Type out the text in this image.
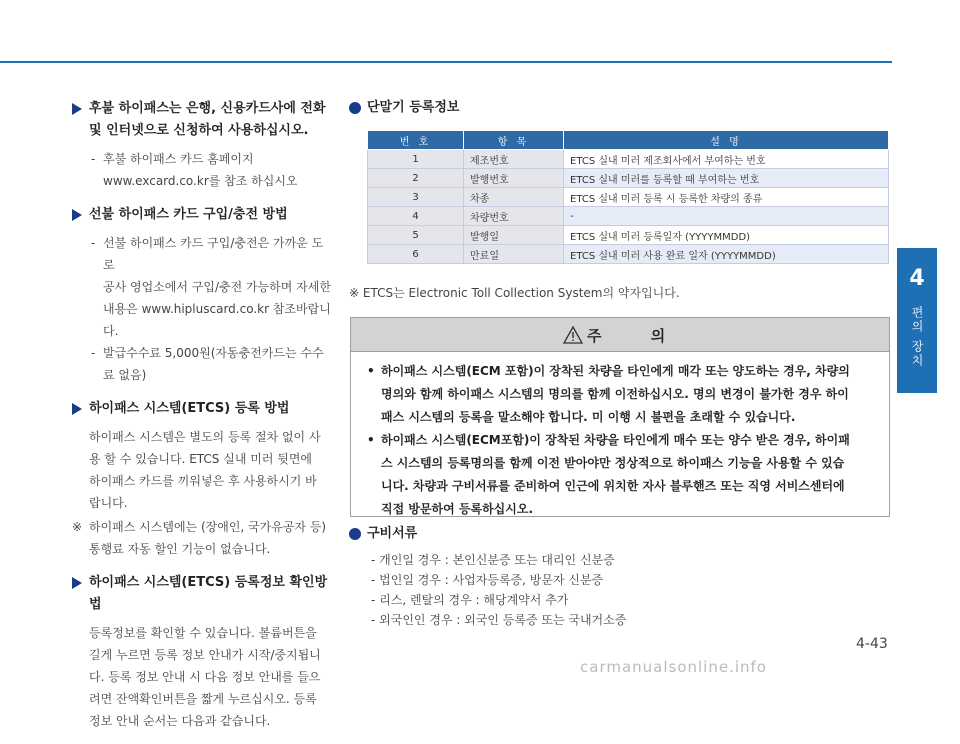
4
편의 장치
후불 하이패스는 은행, 신용카드사에 전화
및 인터넷으로 신청하여 사용하십시오.
- 후불 하이패스 카드 홈페이지
www.excard.co.kr를 참조 하십시오
선불 하이패스 카드 구입/충전 방법
- 선불 하이패스 카드 구입/충전은 가까운 도로
공사 영업소에서 구입/충전 가능하며 자세한
내용은 www.hipluscard.co.kr 참조바랍니다.
- 발급수수료 5,000원(자동충전카드는 수수
료 없음)
하이패스 시스템(ETCS) 등록 방법
하이패스 시스템은 별도의 등록 절차 없이 사
용 할 수 있습니다. ETCS 실내 미러 뒷면에
하이패스 카드를 끼워넣은 후 사용하시기 바
랍니다.
※ 하이패스 시스템에는 (장애인, 국가유공자 등)
통행료 자동 할인 기능이 없습니다.
하이패스 시스템(ETCS) 등록정보 확인방법
등록정보를 확인할 수 있습니다. 볼륨버튼을
길게 누르면 등록 정보 안내가 시작/중지됩니
다. 등록 정보 안내 시 다음 정보 안내를 들으
려면 잔액확인버튼을 짧게 누르십시오. 등록
정보 안내 순서는 다음과 같습니다.
단말기 등록정보
번 호	항 목	설 명
1	제조번호	ETCS 실내 미러 제조회사에서 부여하는 번호
2	발행번호	ETCS 실내 미러를 등록할 때 부여하는 번호
3	차종	ETCS 실내 미러 등록 시 등록한 차량의 종류
4	차량번호	-
5	발행일	ETCS 실내 미러 등록일자 (YYYYMMDD)
6	만료일	ETCS 실내 미러 사용 완료 일자 (YYYYMMDD)
※ ETCS는 Electronic Toll Collection System의 약자입니다.
주 의
• 하이패스 시스템(ECM 포함)이 장착된 차량을 타인에게 매각 또는 양도하는 경우, 차량의
명의와 함께 하이패스 시스템의 명의를 함께 이전하십시오. 명의 변경이 불가한 경우 하이
패스 시스템의 등록을 말소해야 합니다. 미 이행 시 불편을 초래할 수 있습니다.
• 하이패스 시스템(ECM포함)이 장착된 차량을 타인에게 매수 또는 양수 받은 경우, 하이패
스 시스템의 등록명의를 함께 이전 받아야만 정상적으로 하이패스 기능을 사용할 수 있습
니다. 차량과 구비서류를 준비하여 인근에 위치한 자사 블루핸즈 또는 직영 서비스센터에
직접 방문하여 등록하십시오.
구비서류
- 개인일 경우 : 본인신분증 또는 대리인 신분증
- 법인일 경우 : 사업자등록증, 방문자 신분증
- 리스, 렌탈의 경우 : 해당계약서 추가
- 외국인인 경우 : 외국인 등록증 또는 국내거소증
4-43
carmanualsonline.info
